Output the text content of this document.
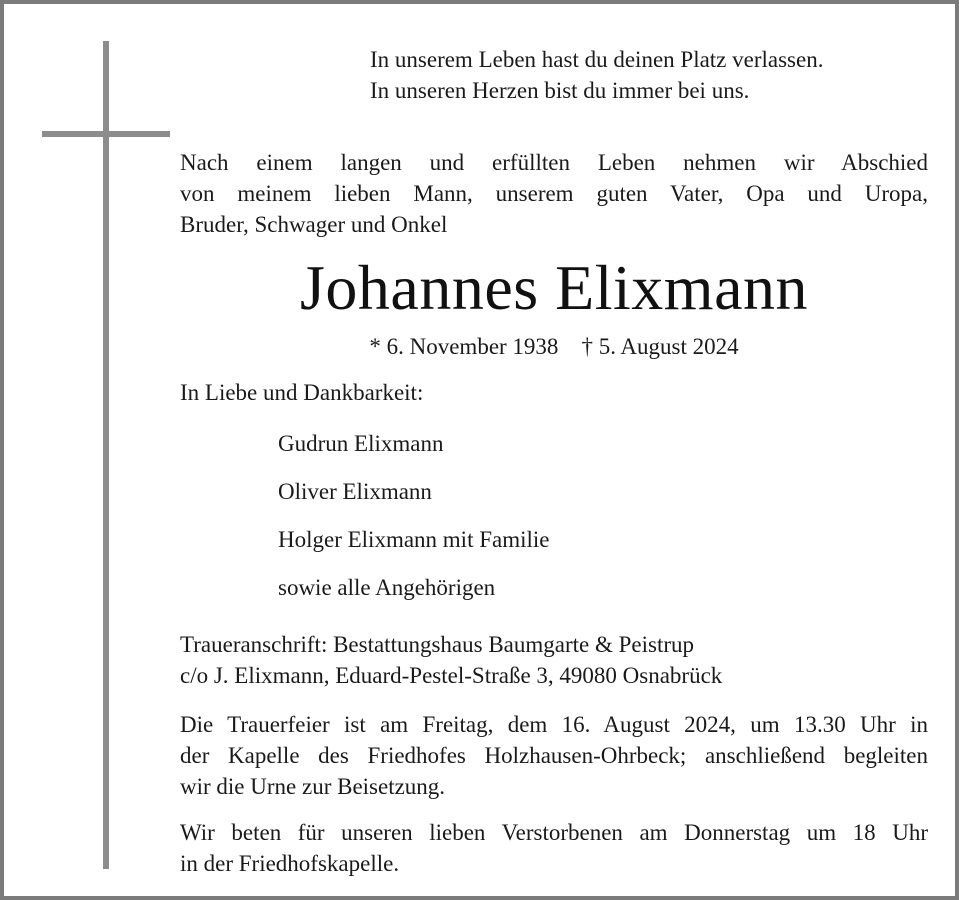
In unserem Leben hast du deinen Platz verlassen.
In unseren Herzen bist du immer bei uns.
Nach einem langen und erfüllten Leben nehmen wir Abschied
von meinem lieben Mann, unserem guten Vater, Opa und Uropa,
Bruder, Schwager und Onkel
Johannes Elixmann
* 6. November 1938 † 5. August 2024
In Liebe und Dankbarkeit:
Gudrun Elixmann
Oliver Elixmann
Holger Elixmann mit Familie
sowie alle Angehörigen
Traueranschrift: Bestattungshaus Baumgarte & Peistrup
c/o J. Elixmann, Eduard-Pestel-Straße 3, 49080 Osnabrück
Die Trauerfeier ist am Freitag, dem 16. August 2024, um 13.30 Uhr in
der Kapelle des Friedhofes Holzhausen-Ohrbeck; anschließend begleiten
wir die Urne zur Beisetzung.
Wir beten für unseren lieben Verstorbenen am Donnerstag um 18 Uhr
in der Friedhofskapelle.
